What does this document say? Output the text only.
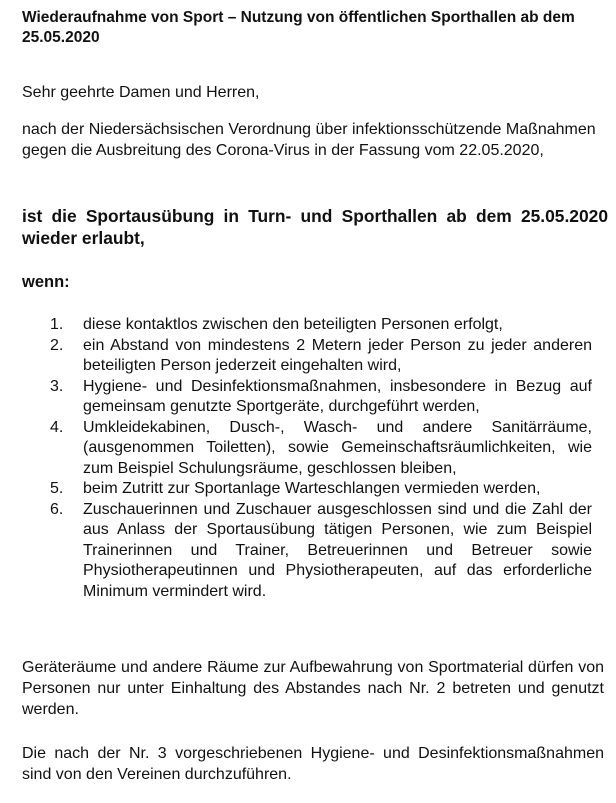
Wiederaufnahme von Sport – Nutzung von öffentlichen Sporthallen ab dem 25.05.2020
Sehr geehrte Damen und Herren,
nach der Niedersächsischen Verordnung über infektionsschützende Maßnahmen gegen die Ausbreitung des Corona-Virus in der Fassung vom 22.05.2020,
ist die Sportausübung in Turn- und Sporthallen ab dem 25.05.2020 wieder erlaubt,
wenn:
1.	diese kontaktlos zwischen den beteiligten Personen erfolgt,
2.	ein Abstand von mindestens 2 Metern jeder Person zu jeder anderen beteiligten Person jederzeit eingehalten wird,
3.	Hygiene- und Desinfektionsmaßnahmen, insbesondere in Bezug auf gemeinsam genutzte Sportgeräte, durchgeführt werden,
4.	Umkleidekabinen, Dusch-, Wasch- und andere Sanitärräume, (ausgenommen Toiletten), sowie Gemeinschaftsräumlichkeiten, wie zum Beispiel Schulungsräume, geschlossen bleiben,
5.	beim Zutritt zur Sportanlage Warteschlangen vermieden werden,
6.	Zuschauerinnen und Zuschauer ausgeschlossen sind und die Zahl der aus Anlass der Sportausübung tätigen Personen, wie zum Beispiel Trainerinnen und Trainer, Betreuerinnen und Betreuer sowie Physiotherapeutinnen und Physiotherapeuten, auf das erforderliche Minimum vermindert wird.
Geräteräume und andere Räume zur Aufbewahrung von Sportmaterial dürfen von Personen nur unter Einhaltung des Abstandes nach Nr. 2 betreten und genutzt werden.
Die nach der Nr. 3 vorgeschriebenen Hygiene- und Desinfektionsmaßnahmen sind von den Vereinen durchzuführen.
